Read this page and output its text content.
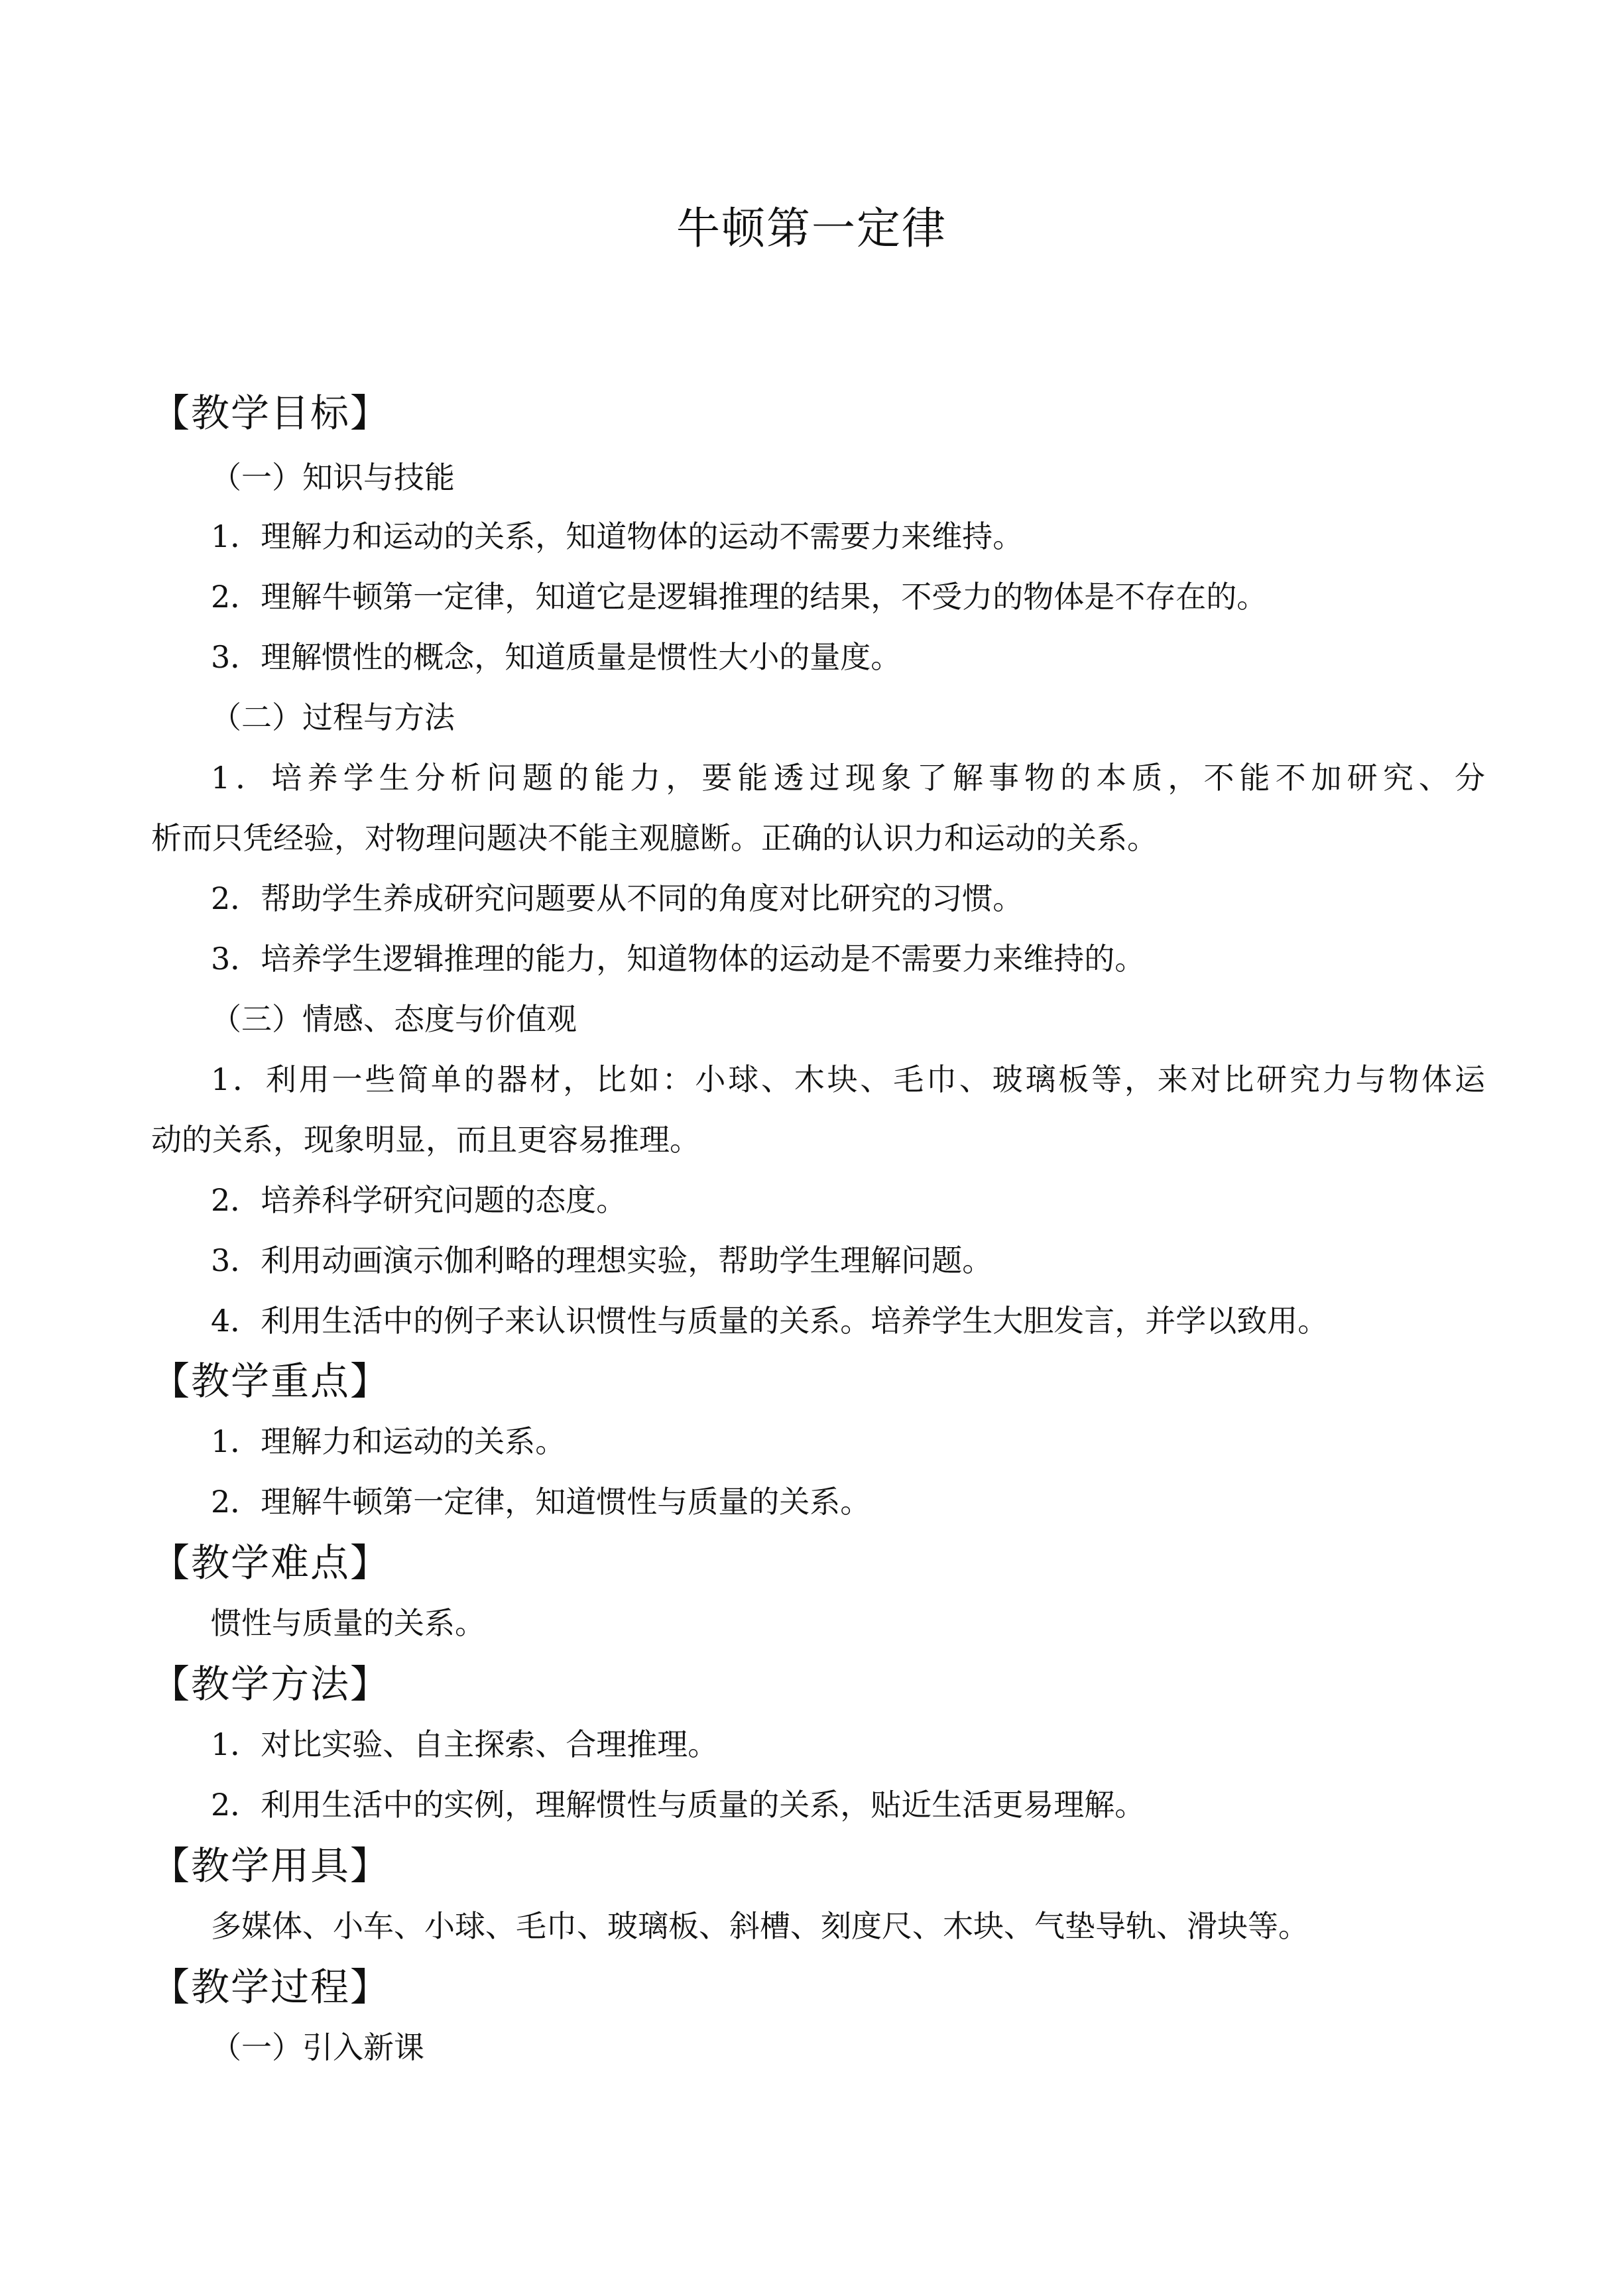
牛顿第一定律
【教学目标】
（一）知识与技能
1．理解力和运动的关系，知道物体的运动不需要力来维持。
2．理解牛顿第一定律，知道它是逻辑推理的结果，不受力的物体是不存在的。
3．理解惯性的概念，知道质量是惯性大小的量度。
（二）过程与方法
1．培养学生分析问题的能力，要能透过现象了解事物的本质，不能不加研究、分
析而只凭经验，对物理问题决不能主观臆断。正确的认识力和运动的关系。
2．帮助学生养成研究问题要从不同的角度对比研究的习惯。
3．培养学生逻辑推理的能力，知道物体的运动是不需要力来维持的。
（三）情感、态度与价值观
1．利用一些简单的器材，比如：小球、木块、毛巾、玻璃板等，来对比研究力与物体运
动的关系，现象明显，而且更容易推理。
2．培养科学研究问题的态度。
3．利用动画演示伽利略的理想实验，帮助学生理解问题。
4．利用生活中的例子来认识惯性与质量的关系。培养学生大胆发言，并学以致用。
【教学重点】
1．理解力和运动的关系。
2．理解牛顿第一定律，知道惯性与质量的关系。
【教学难点】
惯性与质量的关系。
【教学方法】
1．对比实验、自主探索、合理推理。
2．利用生活中的实例，理解惯性与质量的关系，贴近生活更易理解。
【教学用具】
多媒体、小车、小球、毛巾、玻璃板、斜槽、刻度尺、木块、气垫导轨、滑块等。
【教学过程】
（一）引入新课
